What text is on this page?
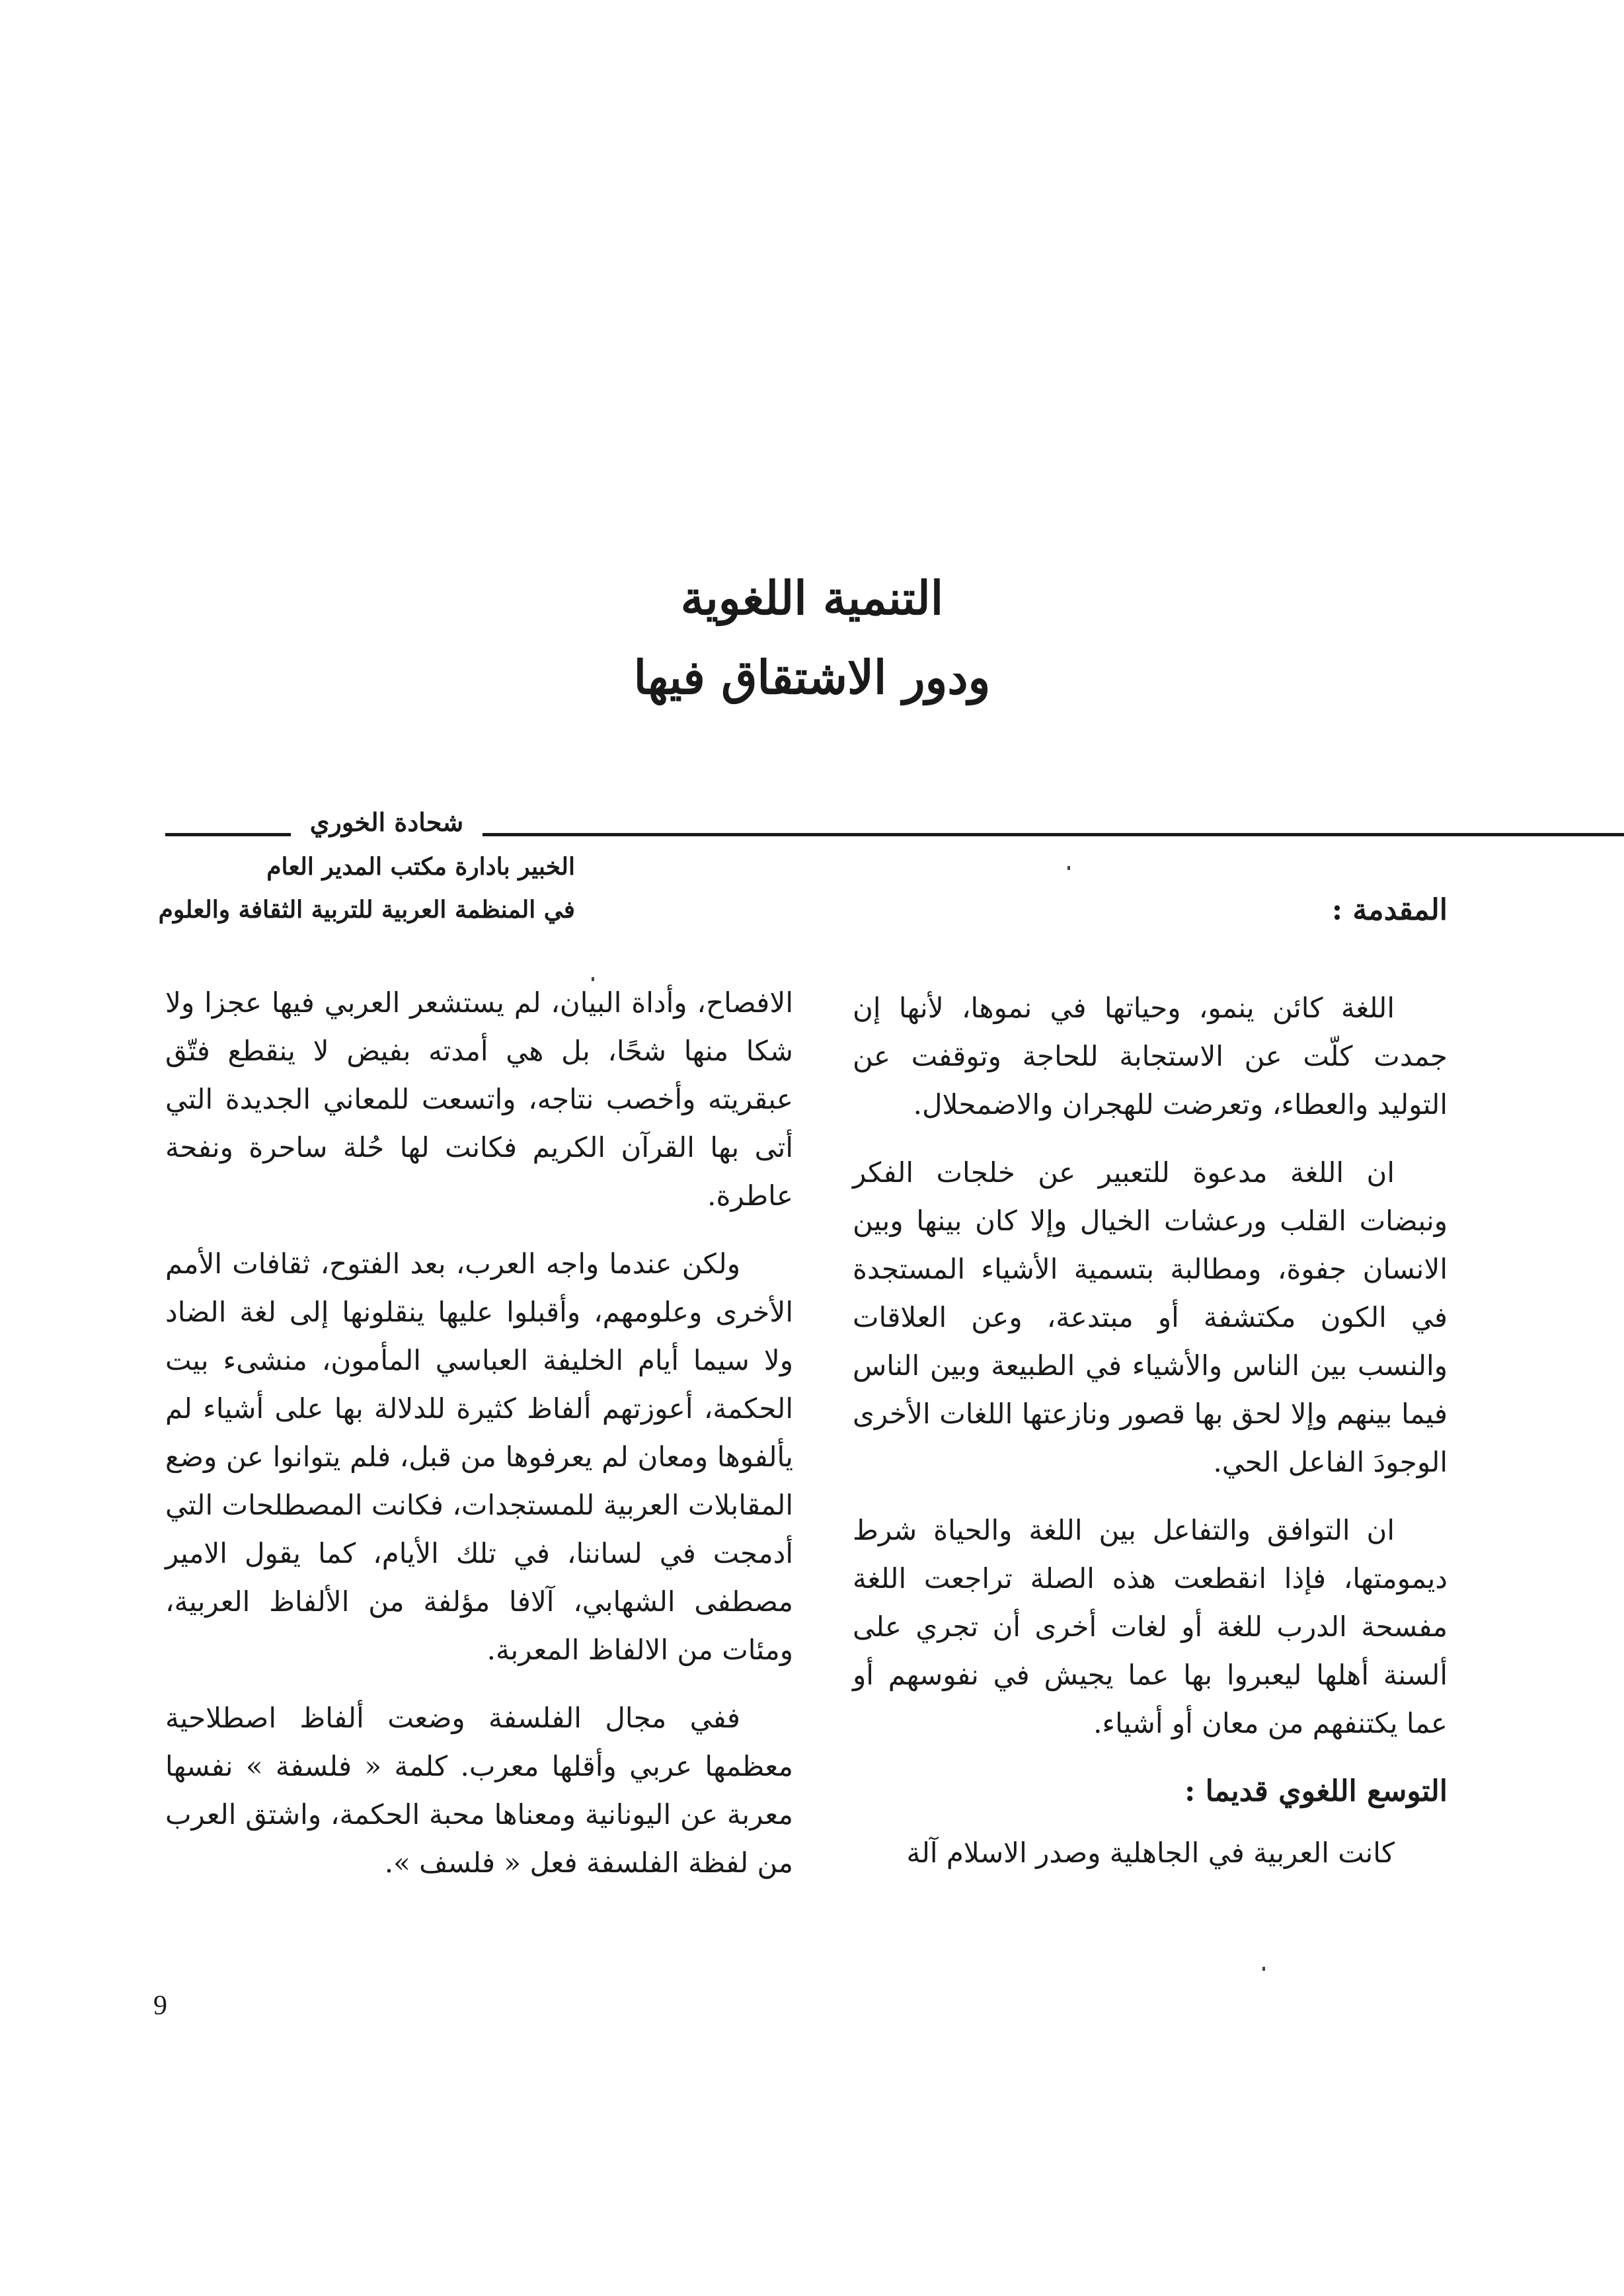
التنمية اللغوية
ودور الاشتقاق فيها
شحادة الخوري
الخبير بادارة مكتب المدير العام
في المنظمة العربية للتربية الثقافة والعلوم	المقدمة :

اللغة كائن ينمو، وحياتها في نموها، لأنها إن جمدت كلّت عن الاستجابة للحاجة وتوقفت عن التوليد والعطاء، وتعرضت للهجران والاضمحلال.

ان اللغة مدعوة للتعبير عن خلجات الفكر ونبضات القلب ورعشات الخيال وإلا كان بينها وبين الانسان جفوة، ومطالبة بتسمية الأشياء المستجدة في الكون مكتشفة أو مبتدعة، وعن العلاقات والنسب بين الناس والأشياء في الطبيعة وبين الناس فيما بينهم وإلا لحق بها قصور ونازعتها اللغات الأخرى الوجودَ الفاعل الحي.

ان التوافق والتفاعل بين اللغة والحياة شرط ديمومتها، فإذا انقطعت هذه الصلة تراجعت اللغة مفسحة الدرب للغة أو لغات أخرى أن تجري على ألسنة أهلها ليعبروا بها عما يجيش في نفوسهم أو عما يكتنفهم من معان أو أشياء.

التوسع اللغوي قديما :

كانت العربية في الجاهلية وصدر الاسلام آلة

الافصاح، وأداة البيان، لم يستشعر العربي فيها عجزا ولا شكا منها شحًا، بل هي أمدته بفيض لا ينقطع فتّق عبقريته وأخصب نتاجه، واتسعت للمعاني الجديدة التي أتى بها القرآن الكريم فكانت لها حُلة ساحرة ونفحة عاطرة.

ولكن عندما واجه العرب، بعد الفتوح، ثقافات الأمم الأخرى وعلومهم، وأقبلوا عليها ينقلونها إلى لغة الضاد ولا سيما أيام الخليفة العباسي المأمون، منشىء بيت الحكمة، أعوزتهم ألفاظ كثيرة للدلالة بها على أشياء لم يألفوها ومعان لم يعرفوها من قبل، فلم يتوانوا عن وضع المقابلات العربية للمستجدات، فكانت المصطلحات التي أدمجت في لساننا، في تلك الأيام، كما يقول الامير مصطفى الشهابي، آلافا مؤلفة من الألفاظ العربية، ومئات من الالفاظ المعربة.

ففي مجال الفلسفة وضعت ألفاظ اصطلاحية معظمها عربي وأقلها معرب. كلمة « فلسفة » نفسها معربة عن اليونانية ومعناها محبة الحكمة، واشتق العرب من لفظة الفلسفة فعل « فلسف ».

9
